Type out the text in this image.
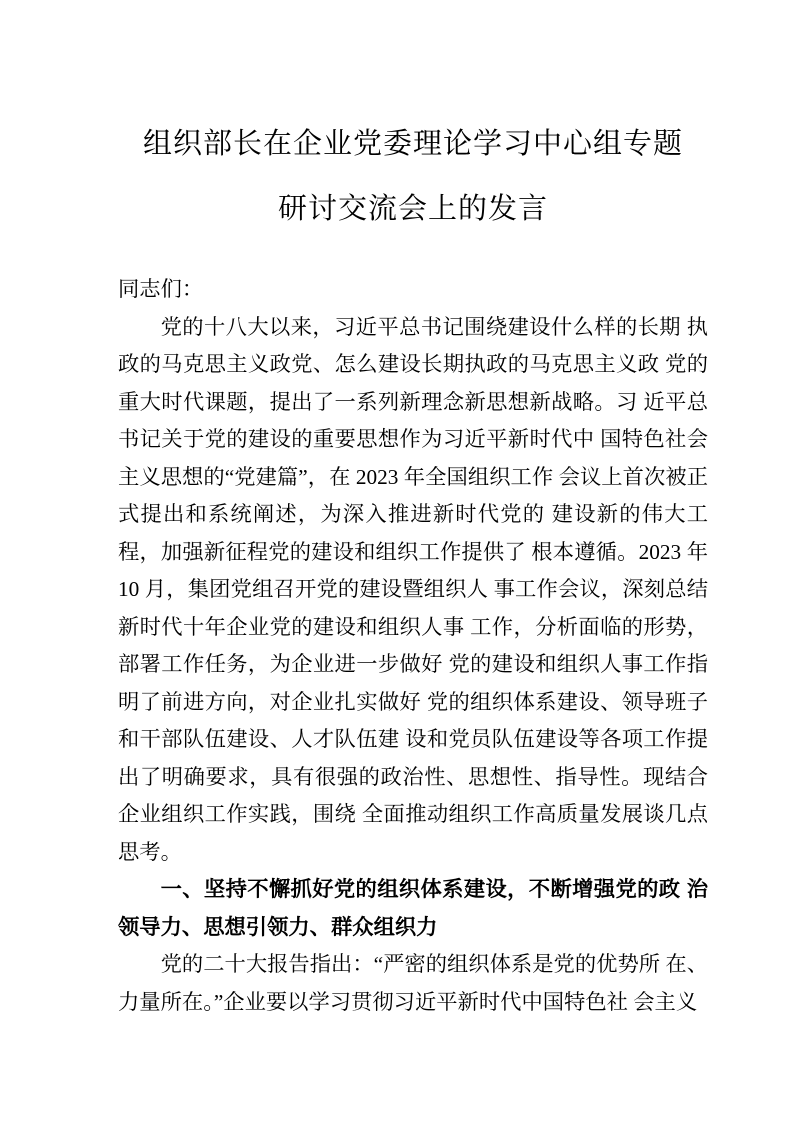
组织部长在企业党委理论学习中心组专题
研讨交流会上的发言

同志们：

党的十八大以来，习近平总书记围绕建设什么样的长期 执政的马克思主义政党、怎么建设长期执政的马克思主义政 党的重大时代课题，提出了一系列新理念新思想新战略。习 近平总书记关于党的建设的重要思想作为习近平新时代中 国特色社会主义思想的“党建篇”，在 2023 年全国组织工作 会议上首次被正式提出和系统阐述，为深入推进新时代党的 建设新的伟大工程，加强新征程党的建设和组织工作提供了 根本遵循。2023 年 10 月，集团党组召开党的建设暨组织人 事工作会议，深刻总结新时代十年企业党的建设和组织人事 工作，分析面临的形势，部署工作任务，为企业进一步做好 党的建设和组织人事工作指明了前进方向，对企业扎实做好 党的组织体系建设、领导班子和干部队伍建设、人才队伍建 设和党员队伍建设等各项工作提出了明确要求，具有很强的政治性、思想性、指导性。现结合企业组织工作实践，围绕 全面推动组织工作高质量发展谈几点思考。

一、坚持不懈抓好党的组织体系建设，不断增强党的政 治领导力、思想引领力、群众组织力

党的二十大报告指出：“严密的组织体系是党的优势所 在、力量所在。”企业要以学习贯彻习近平新时代中国特色社 会主义
